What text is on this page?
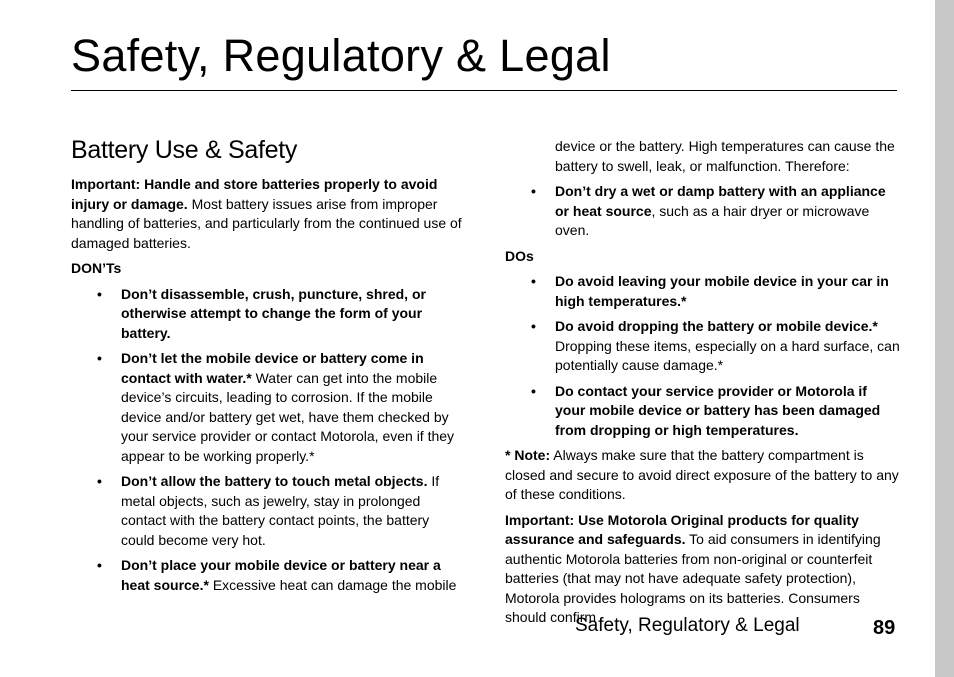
Safety, Regulatory & Legal
Battery Use & Safety

Important: Handle and store batteries properly to avoid injury or damage. Most battery issues arise from improper handling of batteries, and particularly from the continued use of damaged batteries.

DON’Ts
• Don’t disassemble, crush, puncture, shred, or otherwise attempt to change the form of your battery.
• Don’t let the mobile device or battery come in contact with water.* Water can get into the mobile device’s circuits, leading to corrosion. If the mobile device and/or battery get wet, have them checked by your service provider or contact Motorola, even if they appear to be working properly.*
• Don’t allow the battery to touch metal objects. If metal objects, such as jewelry, stay in prolonged contact with the battery contact points, the battery could become very hot.
• Don’t place your mobile device or battery near a heat source.* Excessive heat can damage the mobile
device or the battery. High temperatures can cause the battery to swell, leak, or malfunction. Therefore:
• Don’t dry a wet or damp battery with an appliance or heat source, such as a hair dryer or microwave oven.
DOs
• Do avoid leaving your mobile device in your car in high temperatures.*
• Do avoid dropping the battery or mobile device.* Dropping these items, especially on a hard surface, can potentially cause damage.*
• Do contact your service provider or Motorola if your mobile device or battery has been damaged from dropping or high temperatures.

* Note: Always make sure that the battery compartment is closed and secure to avoid direct exposure of the battery to any of these conditions.

Important: Use Motorola Original products for quality assurance and safeguards. To aid consumers in identifying authentic Motorola batteries from non-original or counterfeit batteries (that may not have adequate safety protection), Motorola provides holograms on its batteries. Consumers should confirm

Safety, Regulatory & Legal	89
